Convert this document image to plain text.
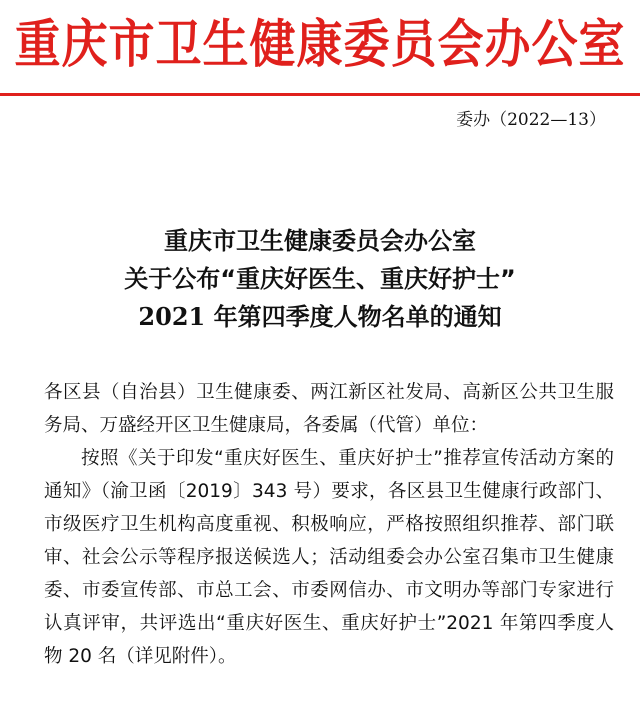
重庆市卫生健康委员会办公室
委办（2022—13）
重庆市卫生健康委员会办公室
关于公布“重庆好医生、重庆好护士”
2021 年第四季度人物名单的通知

各区县（自治县）卫生健康委、两江新区社发局、高新区公共卫生服务局、万盛经开区卫生健康局，各委属（代管）单位：

按照《关于印发“重庆好医生、重庆好护士”推荐宣传活动方案的通知》（渝卫函〔2019〕343 号）要求，各区县卫生健康行政部门、市级医疗卫生机构高度重视、积极响应，严格按照组织推荐、部门联审、社会公示等程序报送候选人；活动组委会办公室召集市卫生健康委、市委宣传部、市总工会、市委网信办、市文明办等部门专家进行认真评审，共评选出“重庆好医生、重庆好护士”2021 年第四季度人物 20 名（详见附件）。
